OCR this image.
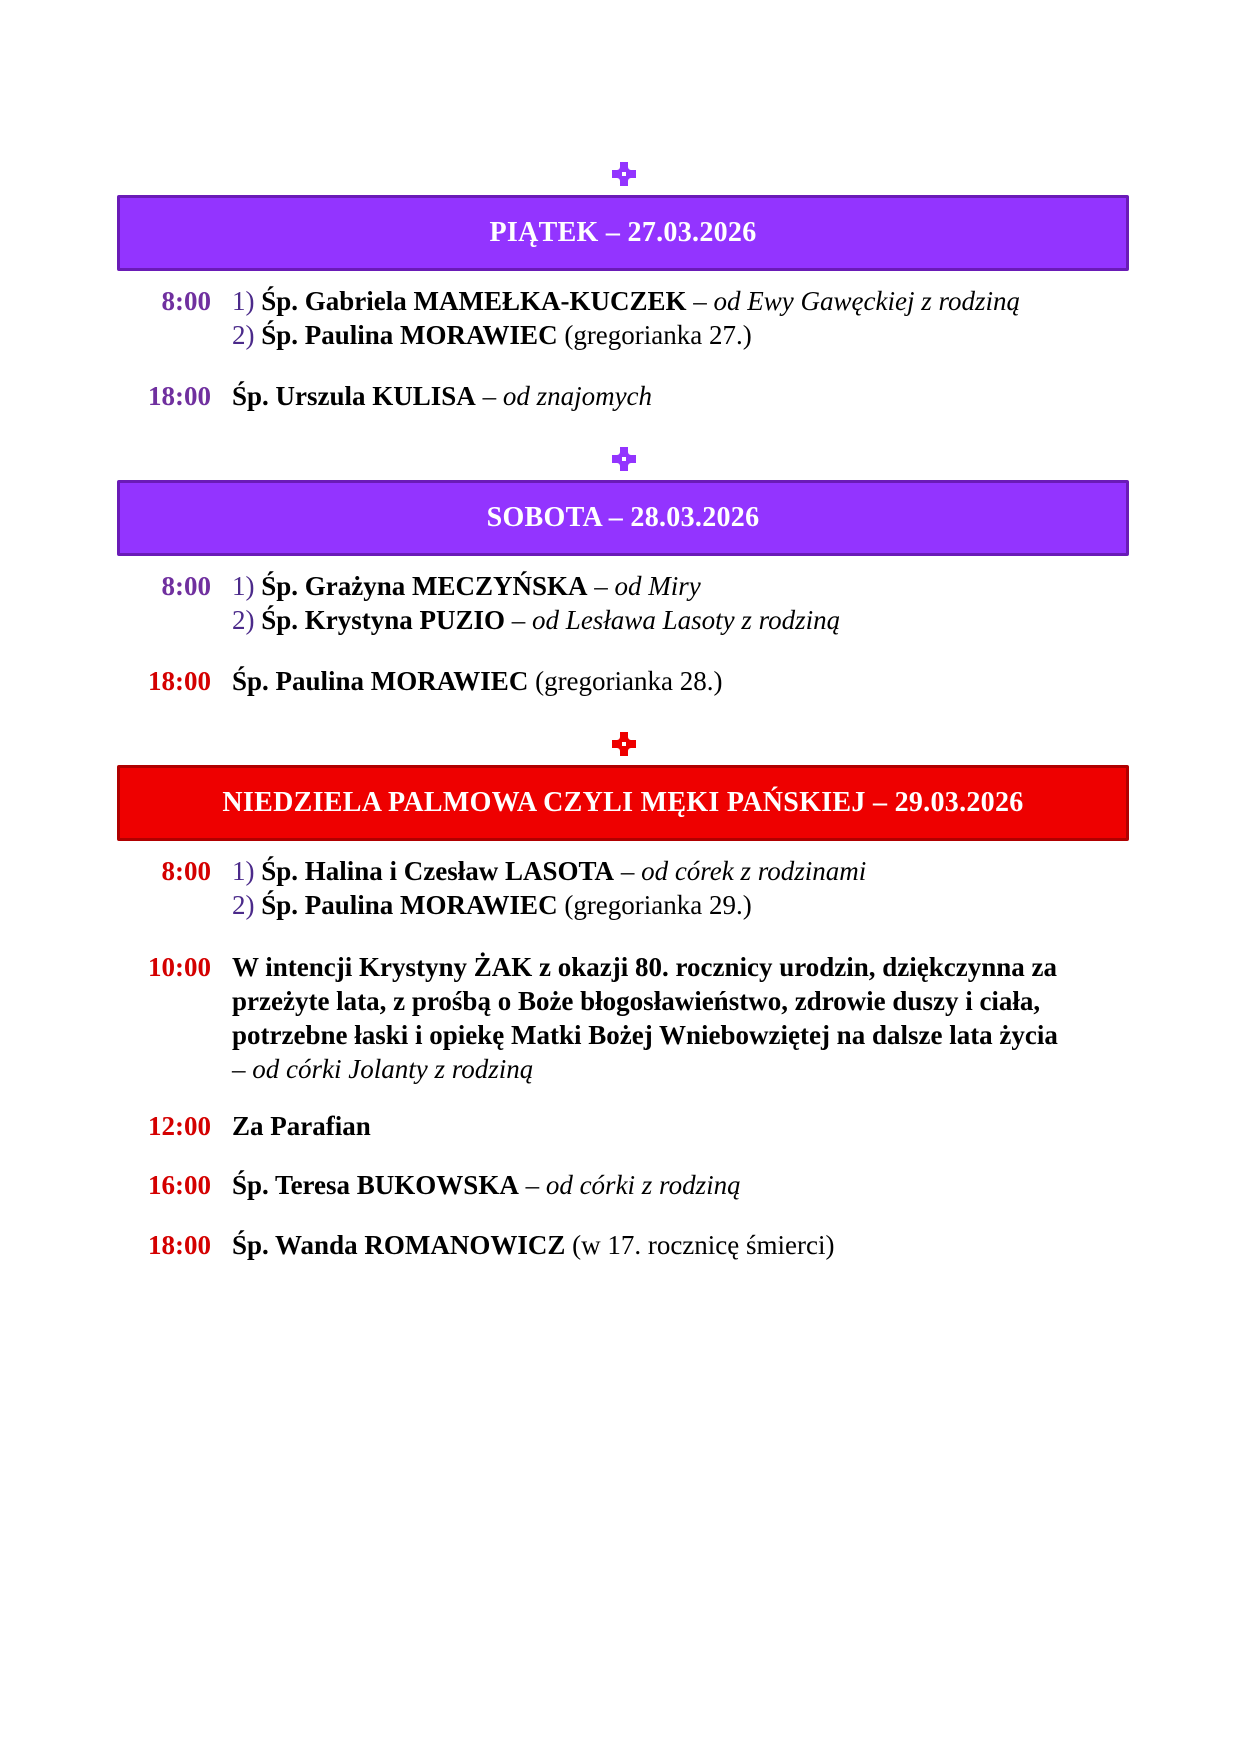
PIĄTEK – 27.03.2026
8:00 1) Śp. Gabriela MAMEŁKA-KUCZEK – od Ewy Gawęckiej z rodziną
2) Śp. Paulina MORAWIEC (gregorianka 27.)
18:00 Śp. Urszula KULISA – od znajomych
SOBOTA – 28.03.2026
8:00 1) Śp. Grażyna MECZYŃSKA – od Miry
2) Śp. Krystyna PUZIO – od Lesława Lasoty z rodziną
18:00 Śp. Paulina MORAWIEC (gregorianka 28.)
NIEDZIELA PALMOWA CZYLI MĘKI PAŃSKIEJ – 29.03.2026
8:00 1) Śp. Halina i Czesław LASOTA – od córek z rodzinami
2) Śp. Paulina MORAWIEC (gregorianka 29.)
10:00 W intencji Krystyny ŻAK z okazji 80. rocznicy urodzin, dziękczynna za
przeżyte lata, z prośbą o Boże błogosławieństwo, zdrowie duszy i ciała,
potrzebne łaski i opiekę Matki Bożej Wniebowziętej na dalsze lata życia
– od córki Jolanty z rodziną
12:00 Za Parafian
16:00 Śp. Teresa BUKOWSKA – od córki z rodziną
18:00 Śp. Wanda ROMANOWICZ (w 17. rocznicę śmierci)
